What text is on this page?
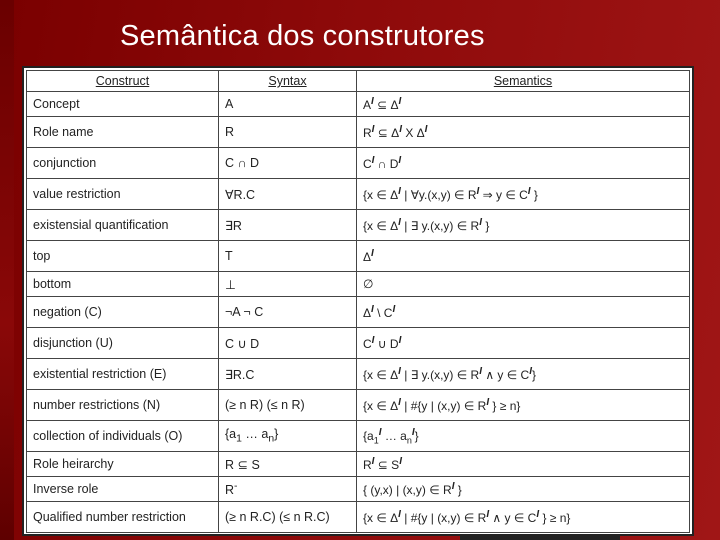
Semântica dos construtores
Construct	Syntax	Semantics
Concept	A	$A^I$ ⊆ $\Delta^I$
Role name	R	$R^I$ ⊆ $\Delta^I$ X $\Delta^I$
conjunction	C ∩ D	$C^I$ ∩ $D^I$
value restriction	∀R.C	{x ∈ $\Delta^I$ | ∀y.(x,y) ∈ $R^I$ ⇒ y ∈ $C^I$ }
existensial quantification	∃R	{x ∈ $\Delta^I$ | ∃ y.(x,y) ∈ $R^I$ }
top	T	$\Delta^I$
bottom	⊥	∅
negation (C)	¬A ¬ C	$\Delta^I$ \ $C^I$
disjunction (U)	C ∪ D	$C^I$ ∪ $D^I$
existential restriction (E)	∃R.C	{x ∈ $\Delta^I$ | ∃ y.(x,y) ∈ $R^I$ ∧ y ∈ $C^I$}
number restrictions (N)	(≥ n R) (≤ n R)	{x ∈ $\Delta^I$ | #{y | (x,y) ∈ $R^I$ } ≥ n}
collection of individuals (O)	{$a_1$ … $a_n$}	{$a_1^I$ … $a_n^I$}
Role heirarchy	R ⊆ S	$R^I$ ⊆ $S^I$
Inverse role	R-	{ (y,x) | (x,y) ∈ $R^I$ }
Qualified number restriction	(≥ n R.C) (≤ n R.C)	{x ∈ $\Delta^I$ | #{y | (x,y) ∈ $R^I$ ∧ y ∈ $C^I$ } ≥ n}
